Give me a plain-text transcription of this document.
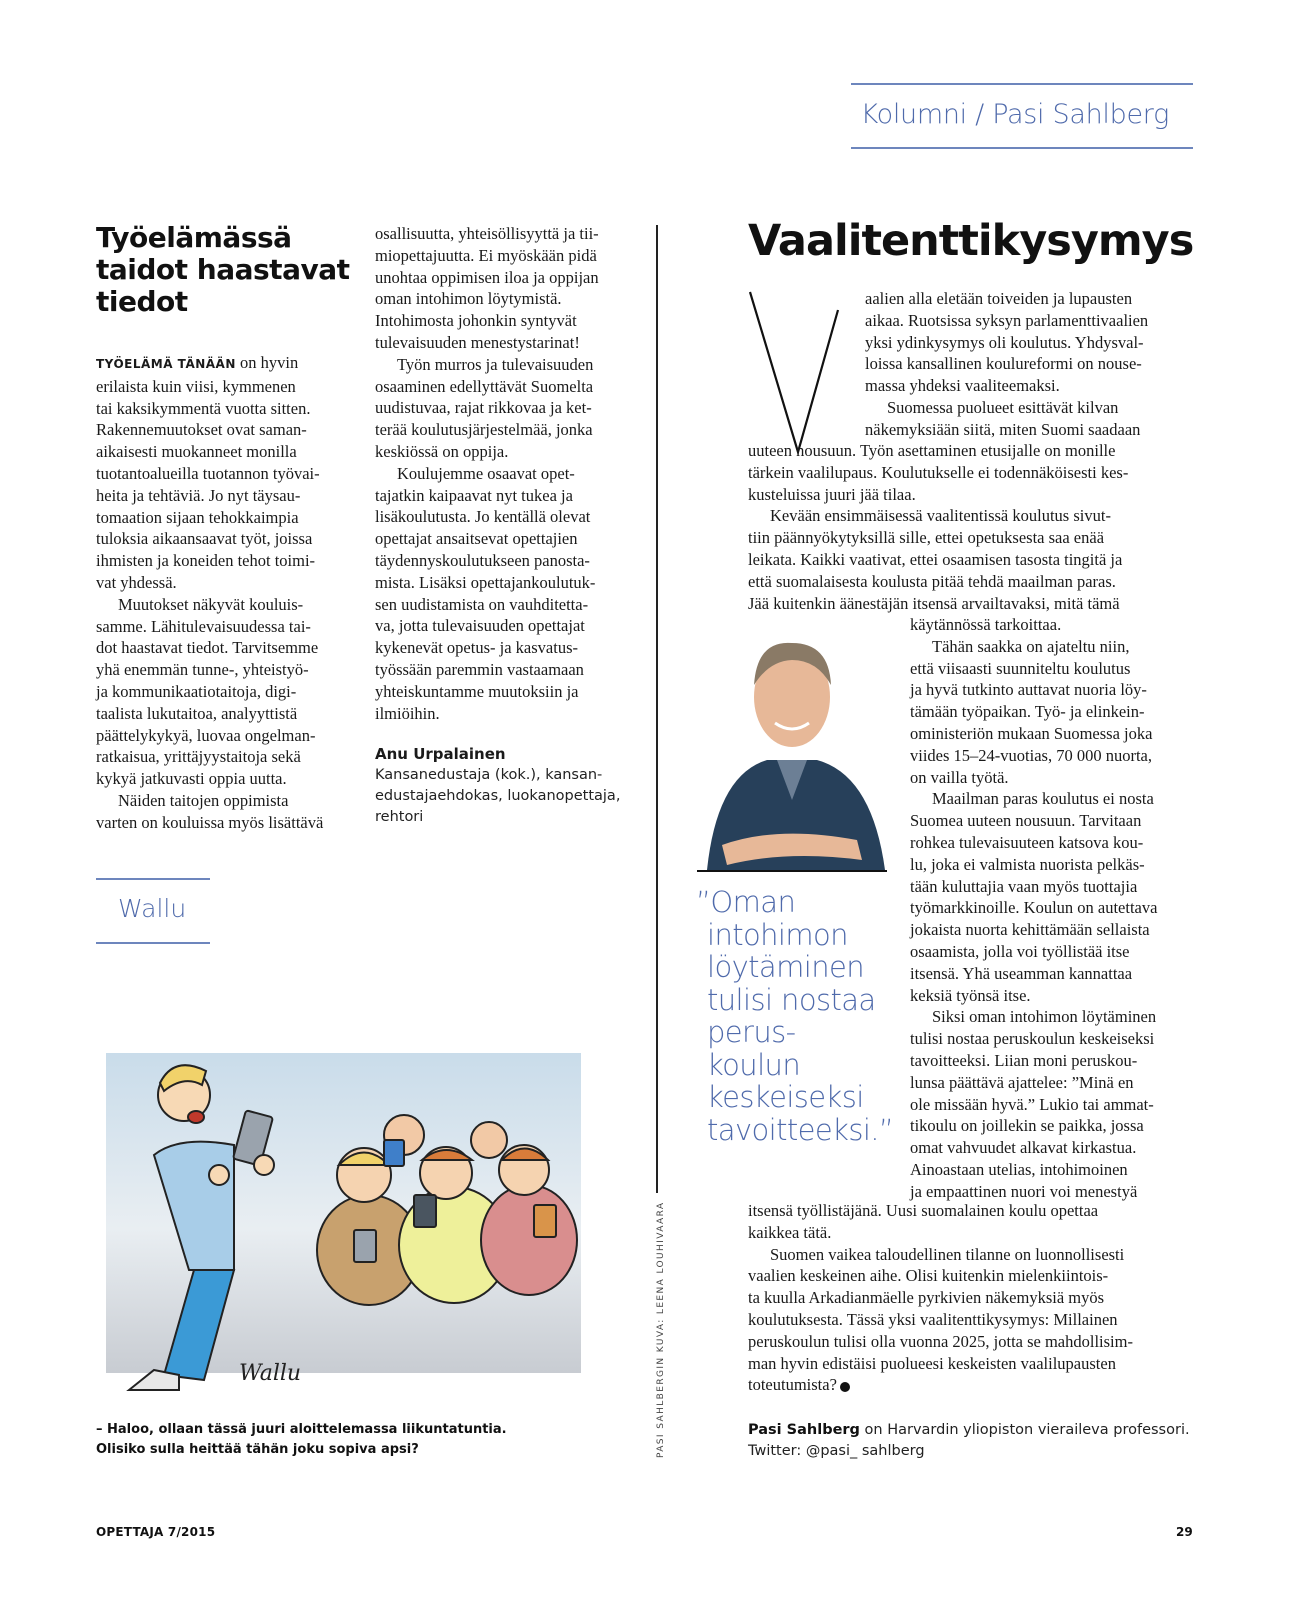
Kolumni / Pasi Sahlberg
Työelämässä
taidot haastavat
tiedot
TYÖELÄMÄ TÄNÄÄN on hyvin
erilaista kuin viisi, kymmenen
tai kaksikymmentä vuotta sitten.
Rakennemuutokset ovat saman-
aikaisesti muokanneet monilla
tuotantoalueilla tuotannon työvai-
heita ja tehtäviä. Jo nyt täysau-
tomaation sijaan tehokkaimpia
tuloksia aikaansaavat työt, joissa
ihmisten ja koneiden tehot toimi-
vat yhdessä.
Muutokset näkyvät kouluis-
samme. Lähitulevaisuudessa tai-
dot haastavat tiedot. Tarvitsemme
yhä enemmän tunne-, yhteistyö-
ja kommunikaatiotaitoja, digi-
taalista lukutaitoa, analyyttistä
päättelykykyä, luovaa ongelman-
ratkaisua, yrittäjyystaitoja sekä
kykyä jatkuvasti oppia uutta.
Näiden taitojen oppimista
varten on kouluissa myös lisättävä
osallisuutta, yhteisöllisyyttä ja tii-
miopettajuutta. Ei myöskään pidä
unohtaa oppimisen iloa ja oppijan
oman intohimon löytymistä.
Intohimosta johonkin syntyvät
tulevaisuuden menestystarinat!
Työn murros ja tulevaisuuden
osaaminen edellyttävät Suomelta
uudistuvaa, rajat rikkovaa ja ket-
terää koulutusjärjestelmää, jonka
keskiössä on oppija.
Koulujemme osaavat opet-
tajatkin kaipaavat nyt tukea ja
lisäkoulutusta. Jo kentällä olevat
opettajat ansaitsevat opettajien
täydennyskoulutukseen panosta-
mista. Lisäksi opettajankoulutuk-
sen uudistamista on vauhditetta-
va, jotta tulevaisuuden opettajat
kykenevät opetus- ja kasvatus-
työssään paremmin vastaamaan
yhteiskuntamme muutoksiin ja
ilmiöihin.
Anu Urpalainen
Kansanedustaja (kok.), kansan-
edustajaehdokas, luokanopettaja,
rehtori
Wallu
Wallu
– Haloo, ollaan tässä juuri aloittelemassa liikuntatuntia.
Olisiko sulla heittää tähän joku sopiva apsi?	PASI SAHLBERGIN KUVA: LEENA LOUHIVAARA
Vaalitenttikysymys
aalien alla eletään toiveiden ja lupausten
aikaa. Ruotsissa syksyn parlamenttivaalien
yksi ydinkysymys oli koulutus. Yhdysval-
loissa kansallinen koulureformi on nouse-
massa yhdeksi vaaliteemaksi.
Suomessa puolueet esittävät kilvan
näkemyksiään siitä, miten Suomi saadaan
uuteen nousuun. Työn asettaminen etusijalle on monille
tärkein vaalilupaus. Koulutukselle ei todennäköisesti kes-
kusteluissa juuri jää tilaa.
Kevään ensimmäisessä vaalitentissä koulutus sivut-
tiin päännyökytyksillä sille, ettei opetuksesta saa enää
leikata. Kaikki vaativat, ettei osaamisen tasosta tingitä ja
että suomalaisesta koulusta pitää tehdä maailman paras.
Jää kuitenkin äänestäjän itsensä arvailtavaksi, mitä tämä
käytännössä tarkoittaa.
Tähän saakka on ajateltu niin,
että viisaasti suunniteltu koulutus
ja hyvä tutkinto auttavat nuoria löy-
tämään työpaikan. Työ- ja elinkein-
oministeriön mukaan Suomessa joka
viides 15–24-vuotias, 70 000 nuorta,
on vailla työtä.
Maailman paras koulutus ei nosta
Suomea uuteen nousuun. Tarvitaan
rohkea tulevaisuuteen katsova kou-
lu, joka ei valmista nuorista pelkäs-
tään kuluttajia vaan myös tuottajia
työmarkkinoille. Koulun on autettava
jokaista nuorta kehittämään sellaista
osaamista, jolla voi työllistää itse
itsensä. Yhä useamman kannattaa
keksiä työnsä itse.
Siksi oman intohimon löytäminen
tulisi nostaa peruskoulun keskeiseksi
tavoitteeksi. Liian moni peruskou-
lunsa päättävä ajattelee: ”Minä en
ole missään hyvä.” Lukio tai ammat-
tikoulu on joillekin se paikka, jossa
omat vahvuudet alkavat kirkastua.
Ainoastaan utelias, intohimoinen
ja empaattinen nuori voi menestyä
”Oman
intohimon
löytäminen
tulisi nostaa
perus-
koulun
keskeiseksi
tavoitteeksi.”
itsensä työllistäjänä. Uusi suomalainen koulu opettaa
kaikkea tätä.
Suomen vaikea taloudellinen tilanne on luonnollisesti
vaalien keskeinen aihe. Olisi kuitenkin mielenkiintois-
ta kuulla Arkadianmäelle pyrkivien näkemyksiä myös
koulutuksesta. Tässä yksi vaalitenttikysymys: Millainen
peruskoulun tulisi olla vuonna 2025, jotta se mahdollisim-
man hyvin edistäisi puolueesi keskeisten vaalilupausten
toteutumista?
Pasi Sahlberg on Harvardin yliopiston vieraileva professori.
Twitter: @pasi_ sahlberg
OPETTAJA 7/2015	29
